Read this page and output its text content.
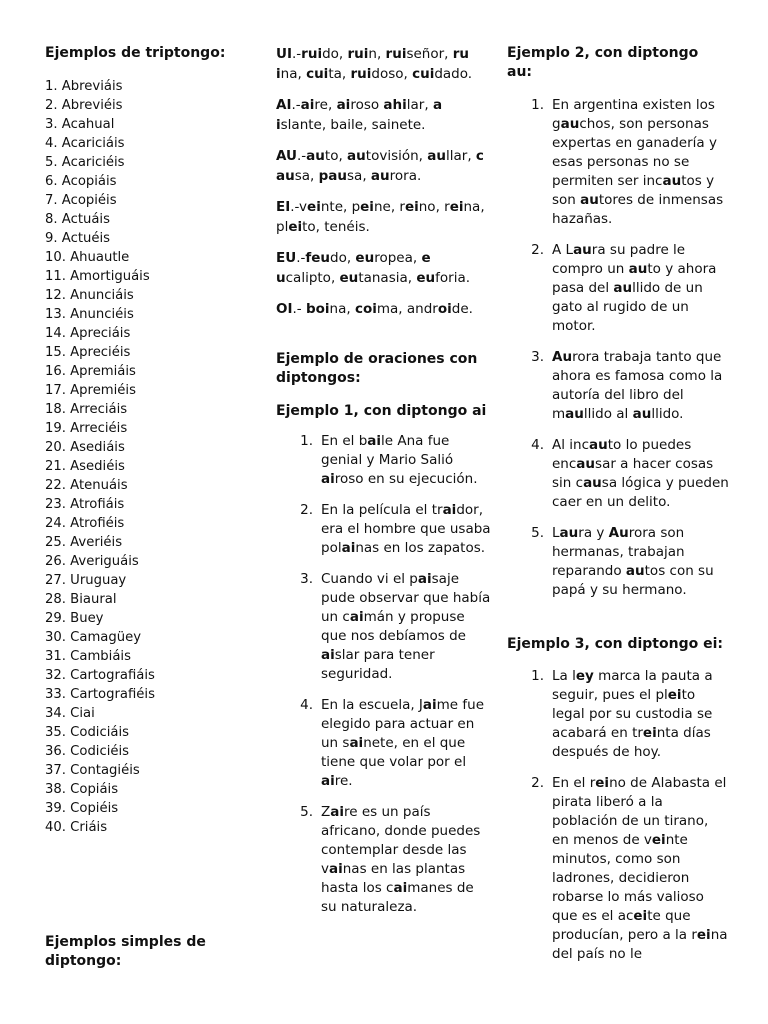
Ejemplos de triptongo:

1. Abreviáis
2. Abreviéis
3. Acahual
4. Acariciáis
5. Acariciéis
6. Acopiáis
7. Acopiéis
8. Actuáis
9. Actuéis
10. Ahuautle
11. Amortiguáis
12. Anunciáis
13. Anunciéis
14. Apreciáis
15. Apreciéis
16. Apremiáis
17. Apremiéis
18. Arreciáis
19. Arreciéis
20. Asediáis
21. Asediéis
22. Atenuáis
23. Atrofiáis
24. Atrofiéis
25. Averiéis
26. Averiguáis
27. Uruguay
28. Biaural
29. Buey
30. Camagüey
31. Cambiáis
32. Cartografiáis
33. Cartografiéis
34. Ciai
35. Codiciáis
36. Codiciéis
37. Contagiéis
38. Copiáis
39. Copiéis
40. Criáis

Ejemplos simples de diptongo:

UI.-ruido, ruin, ruiseñor, ru ina, cuita, ruidoso, cuidado.

AI.-aire, airoso ahilar, a islante, baile, sainete.

AU.-auto, autovisión, aullar, c ausa, pausa, aurora.

EI.-veinte, peine, reino, reina, pleito, tenéis.

EU.-feudo, europea, e ucalipto, eutanasia, euforia.

OI.- boina, coima, androide.

Ejemplo de oraciones con diptongos:

Ejemplo 1, con diptongo ai

1. En el baile Ana fue genial y Mario Salió airoso en su ejecución.
2. En la película el traidor, era el hombre que usaba polainas en los zapatos.
3. Cuando vi el paisaje pude observar que había un caimán y propuse que nos debíamos de aislar para tener seguridad.
4. En la escuela, Jaime fue elegido para actuar en un sainete, en el que tiene que volar por el aire.
5. Zaire es un país africano, donde puedes contemplar desde las vainas en las plantas hasta los caimanes de su naturaleza.

Ejemplo 2, con diptongo au:

1. En argentina existen los gauchos, son personas expertas en ganadería y esas personas no se permiten ser incautos y son autores de inmensas hazañas.
2. A Laura su padre le compro un auto y ahora pasa del aullido de un gato al rugido de un motor.
3. Aurora trabaja tanto que ahora es famosa como la autoría del libro del maullido al aullido.
4. Al incauto lo puedes encausar a hacer cosas sin causa lógica y pueden caer en un delito.
5. Laura y Aurora son hermanas, trabajan reparando autos con su papá y su hermano.

Ejemplo 3, con diptongo ei:

1. La ley marca la pauta a seguir, pues el pleito legal por su custodia se acabará en treinta días después de hoy.
2. En el reino de Alabasta el pirata liberó a la población de un tirano, en menos de veinte minutos, como son ladrones, decidieron robarse lo más valioso que es el aceite que producían, pero a la reina del país no le
